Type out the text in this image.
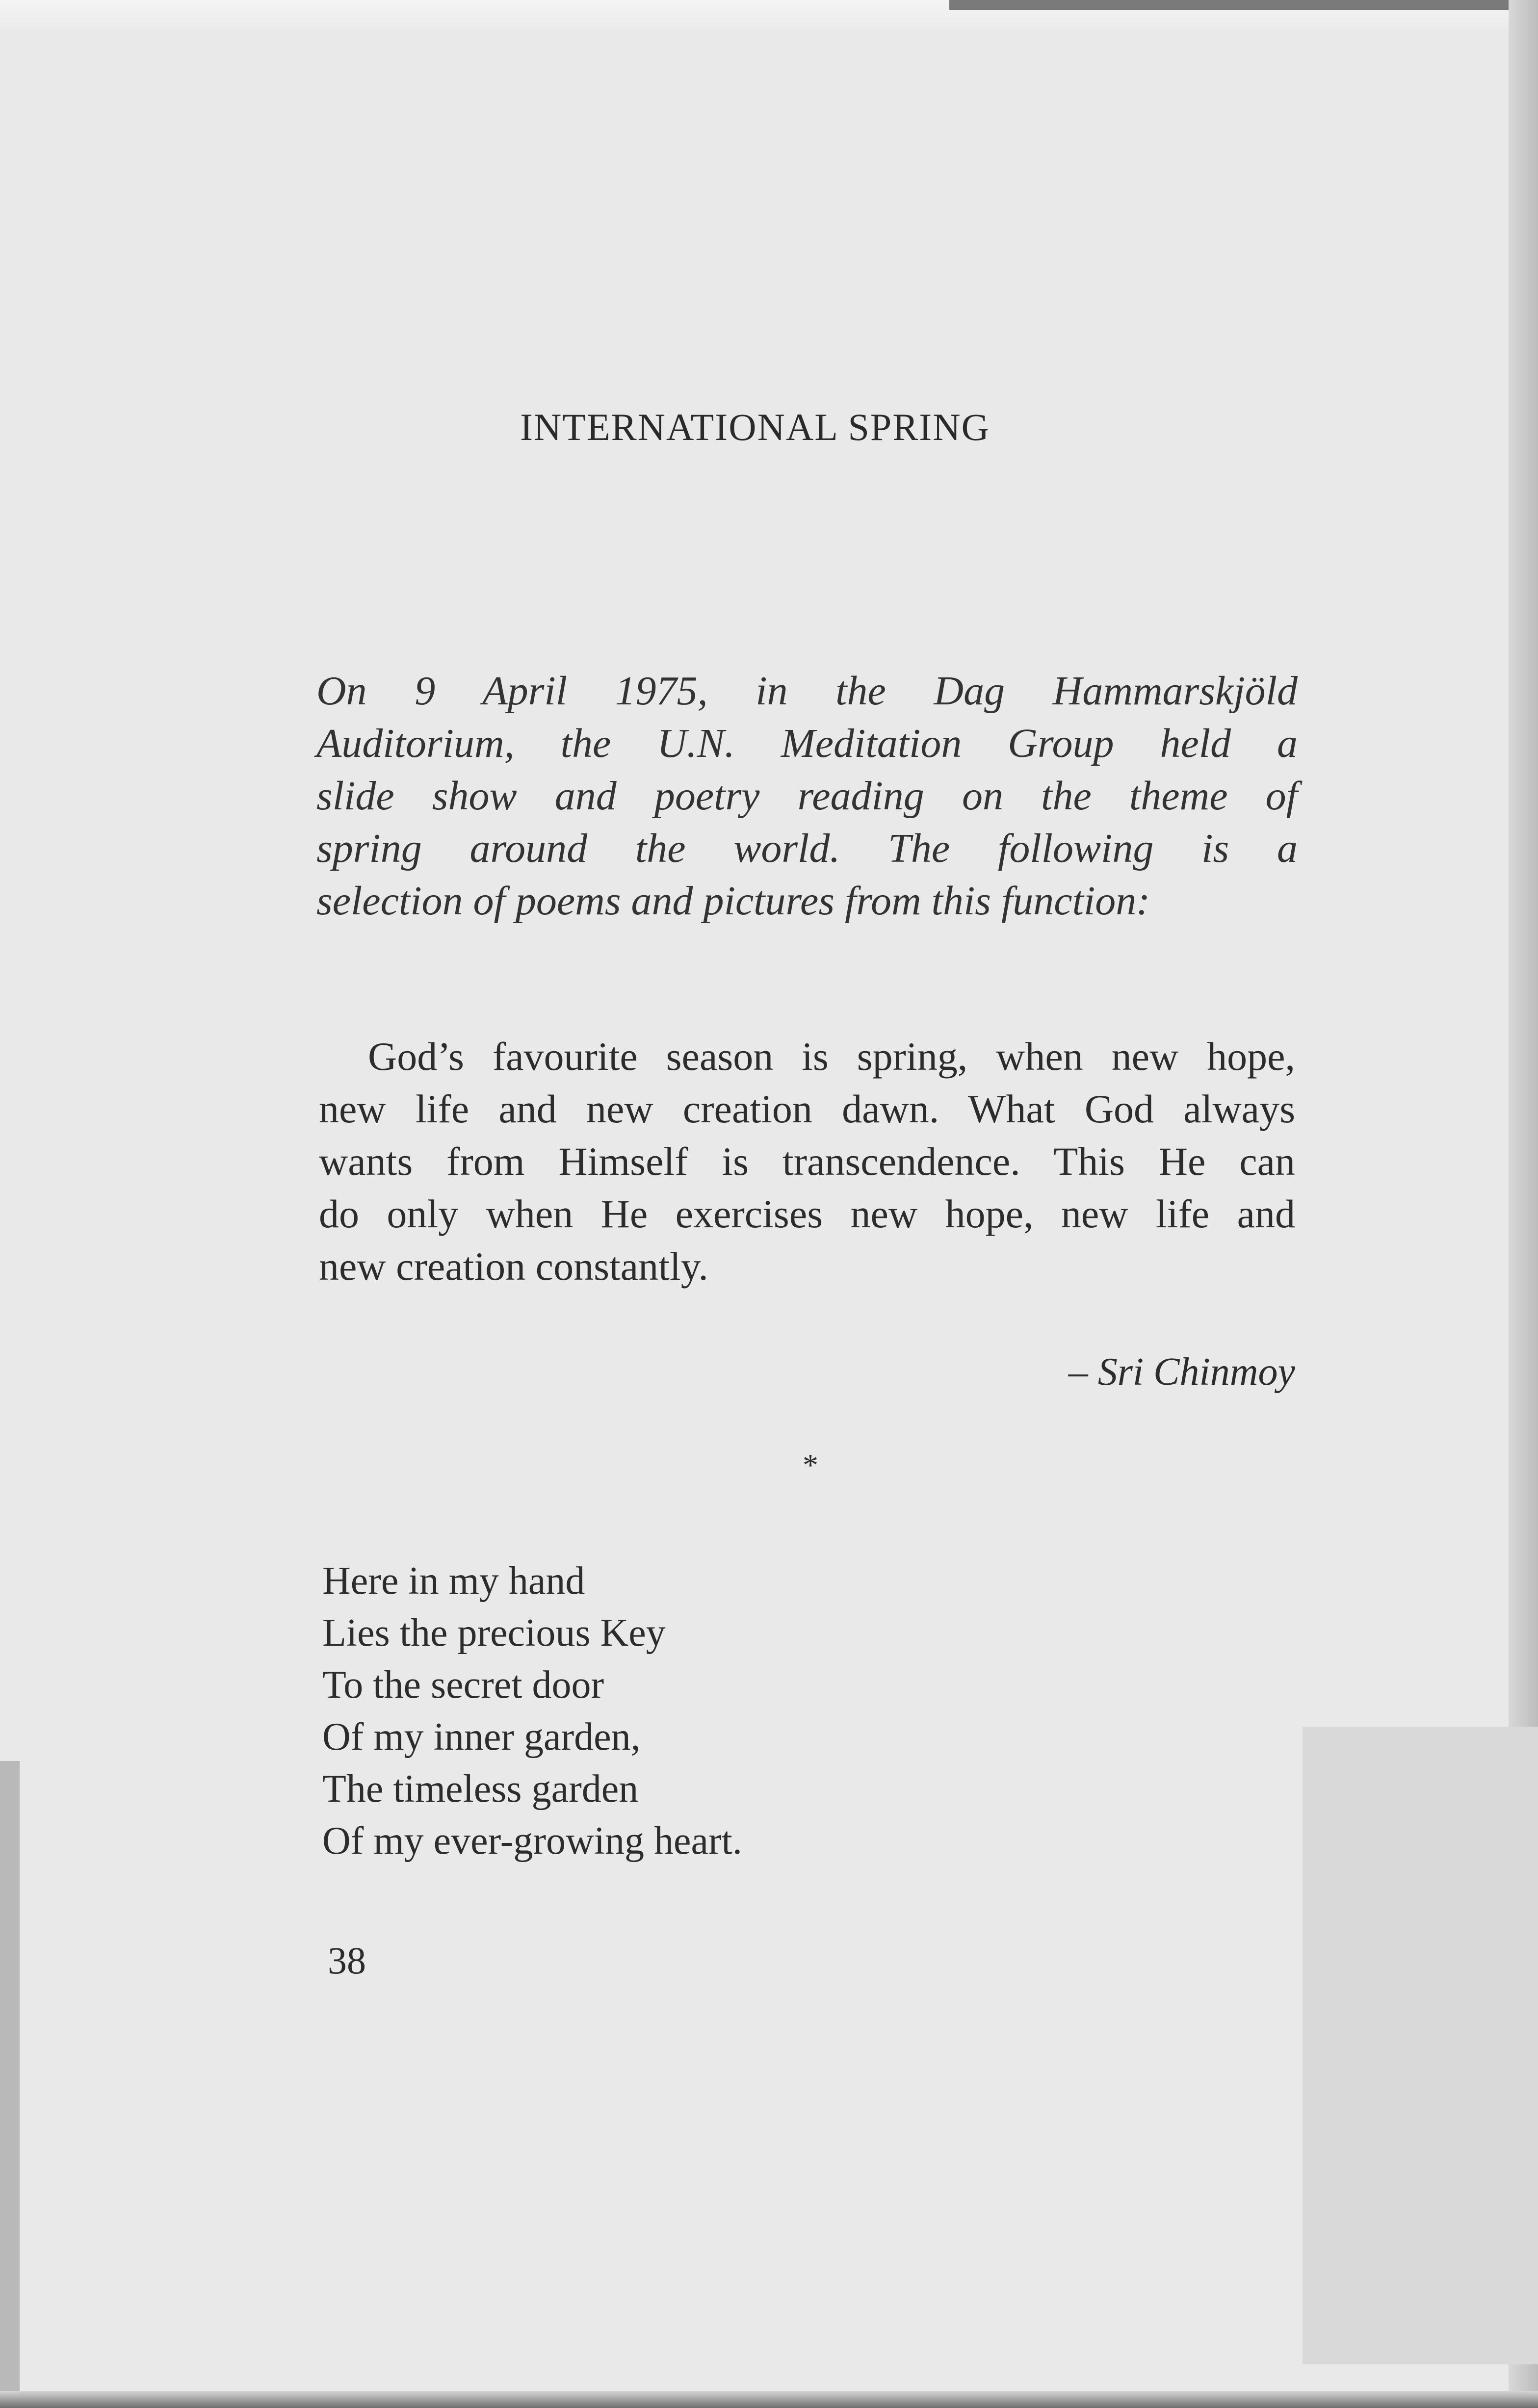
INTERNATIONAL SPRING
On 9 April 1975, in the Dag Hammarskjöld
Auditorium, the U.N. Meditation Group held a
slide show and poetry reading on the theme of
spring around the world. The following is a
selection of poems and pictures from this function:
God’s favourite season is spring, when new hope,
new life and new creation dawn. What God always
wants from Himself is transcendence. This He can
do only when He exercises new hope, new life and
new creation constantly.
– Sri Chinmoy
*
Here in my hand
Lies the precious Key
To the secret door
Of my inner garden,
The timeless garden
Of my ever-growing heart.
38
